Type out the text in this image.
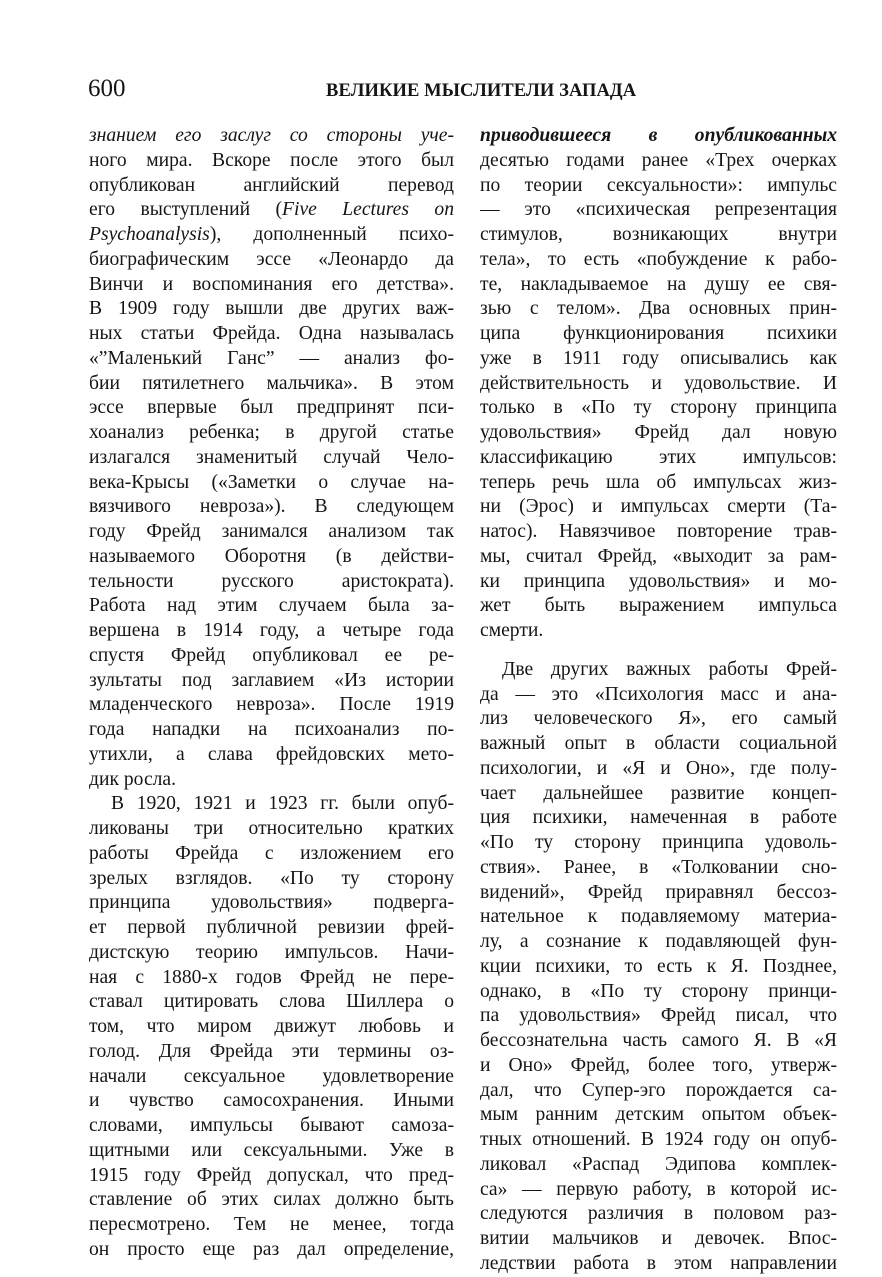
600	ВЕЛИКИЕ МЫСЛИТЕЛИ ЗАПАДА
знанием его заслуг со стороны уче-
ного мира. Вскоре после этого был
опубликован английский перевод
его выступлений (Five Lectures on
Psychoanalysis), дополненный психо-
биографическим эссе «Леонардо да
Винчи и воспоминания его детства».
В 1909 году вышли две других важ-
ных статьи Фрейда. Одна называлась
«”Маленький Ганс” — анализ фо-
бии пятилетнего мальчика». В этом
эссе впервые был предпринят пси-
хоанализ ребенка; в другой статье
излагался знаменитый случай Чело-
века-Крысы («Заметки о случае на-
вязчивого невроза»). В следующем
году Фрейд занимался анализом так
называемого Оборотня (в действи-
тельности русского аристократа).
Работа над этим случаем была за-
вершена в 1914 году, а четыре года
спустя Фрейд опубликовал ее ре-
зультаты под заглавием «Из истории
младенческого невроза». После 1919
года нападки на психоанализ по-
утихли, а слава фрейдовских мето-
дик росла.
В 1920, 1921 и 1923 гг. были опуб-
ликованы три относительно кратких
работы Фрейда с изложением его
зрелых взглядов. «По ту сторону
принципа удовольствия» подверга-
ет первой публичной ревизии фрей-
дистскую теорию импульсов. Начи-
ная с 1880-х годов Фрейд не пере-
ставал цитировать слова Шиллера о
том, что миром движут любовь и
голод. Для Фрейда эти термины оз-
начали сексуальное удовлетворение
и чувство самосохранения. Иными
словами, импульсы бывают самоза-
щитными или сексуальными. Уже в
1915 году Фрейд допускал, что пред-
ставление об этих силах должно быть
пересмотрено. Тем не менее, тогда
он просто еще раз дал определение,
приводившееся в опубликованных
десятью годами ранее «Трех очерках
по теории сексуальности»: импульс
— это «психическая репрезентация
стимулов, возникающих внутри
тела», то есть «побуждение к рабо-
те, накладываемое на душу ее свя-
зью с телом». Два основных прин-
ципа функционирования психики
уже в 1911 году описывались как
действительность и удовольствие. И
только в «По ту сторону принципа
удовольствия» Фрейд дал новую
классификацию этих импульсов:
теперь речь шла об импульсах жиз-
ни (Эрос) и импульсах смерти (Та-
натос). Навязчивое повторение трав-
мы, считал Фрейд, «выходит за рам-
ки принципа удовольствия» и мо-
жет быть выражением импульса
смерти.
Две других важных работы Фрей-
да — это «Психология масс и ана-
лиз человеческого Я», его самый
важный опыт в области социальной
психологии, и «Я и Оно», где полу-
чает дальнейшее развитие концеп-
ция психики, намеченная в работе
«По ту сторону принципа удоволь-
ствия». Ранее, в «Толковании сно-
видений», Фрейд приравнял бессоз-
нательное к подавляемому материа-
лу, а сознание к подавляющей фун-
кции психики, то есть к Я. Позднее,
однако, в «По ту сторону принци-
па удовольствия» Фрейд писал, что
бессознательна часть самого Я. В «Я
и Оно» Фрейд, более того, утверж-
дал, что Супер-эго порождается са-
мым ранним детским опытом объек-
тных отношений. В 1924 году он опуб-
ликовал «Распад Эдипова комплек-
са» — первую работу, в которой ис-
следуются различия в половом раз-
витии мальчиков и девочек. Впос-
ледствии работа в этом направлении
